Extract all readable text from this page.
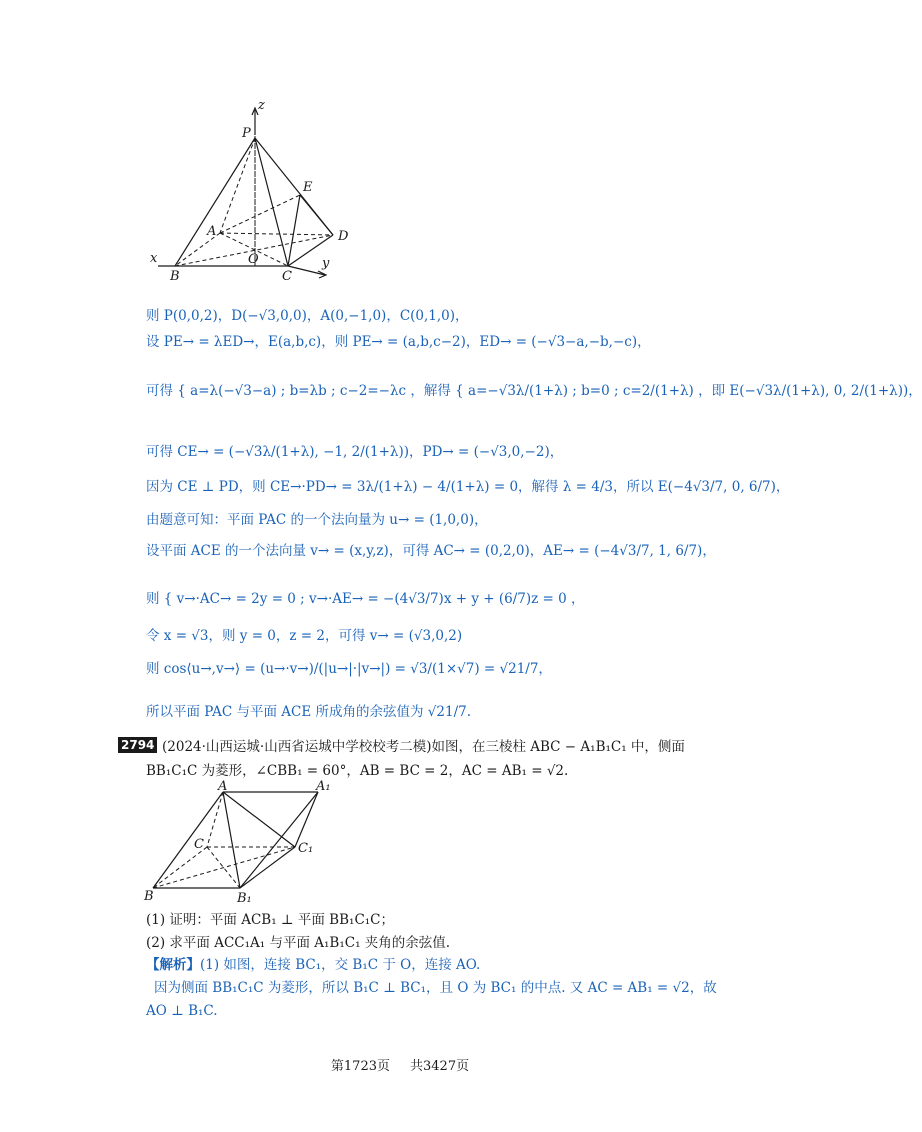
z
P
E
A	D
x	O
B	C
y
则 P(0,0,2)，D(−√3,0,0)，A(0,−1,0)，C(0,1,0)，
设 PE→ = λED→，E(a,b,c)，则 PE→ = (a,b,c−2)，ED→ = (−√3−a,−b,−c)，
可得 { a=λ(−√3−a) ; b=λb ; c−2=−λc ，解得 { a=−√3λ/(1+λ) ; b=0 ; c=2/(1+λ) ，即 E(−√3λ/(1+λ), 0, 2/(1+λ))，
可得 CE→ = (−√3λ/(1+λ), −1, 2/(1+λ))，PD→ = (−√3,0,−2)，
因为 CE ⊥ PD，则 CE→·PD→ = 3λ/(1+λ) − 4/(1+λ) = 0，解得 λ = 4/3，所以 E(−4√3/7, 0, 6/7)，
由题意可知：平面 PAC 的一个法向量为 u→ = (1,0,0)，
设平面 ACE 的一个法向量 v→ = (x,y,z)，可得 AC→ = (0,2,0)，AE→ = (−4√3/7, 1, 6/7)，
则 { v→·AC→ = 2y = 0 ; v→·AE→ = −(4√3/7)x + y + (6/7)z = 0 ，
令 x = √3，则 y = 0，z = 2，可得 v→ = (√3,0,2)
则 cos⟨u→,v→⟩ = (u→·v→)/(|u→|·|v→|) = √3/(1×√7) = √21/7，
所以平面 PAC 与平面 ACE 所成角的余弦值为 √21/7.
2794 (2024·山西运城·山西省运城中学校校考二模)如图，在三棱柱 ABC − A₁B₁C₁ 中，侧面
BB₁C₁C 为菱形，∠CBB₁ = 60°，AB = BC = 2，AC = AB₁ = √2.
A	A₁
C	C₁
B	B₁
(1) 证明：平面 ACB₁ ⊥ 平面 BB₁C₁C；
(2) 求平面 ACC₁A₁ 与平面 A₁B₁C₁ 夹角的余弦值.
【解析】(1) 如图，连接 BC₁，交 B₁C 于 O，连接 AO.
因为侧面 BB₁C₁C 为菱形，所以 B₁C ⊥ BC₁，且 O 为 BC₁ 的中点. 又 AC = AB₁ = √2，故
AO ⊥ B₁C.
第1723页 共3427页
